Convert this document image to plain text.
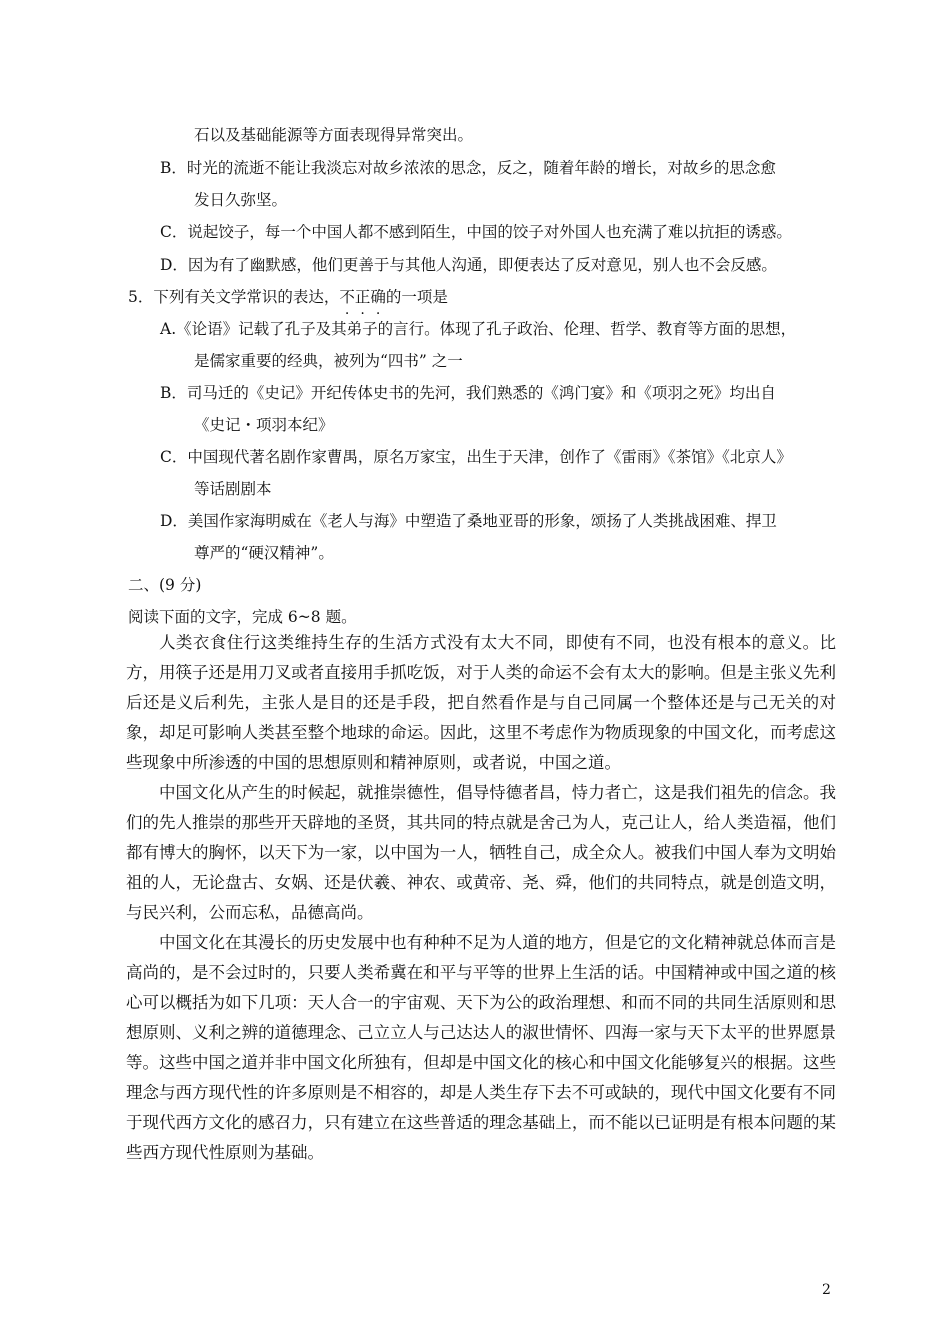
石以及基础能源等方面表现得异常突出。
B．时光的流逝不能让我淡忘对故乡浓浓的思念，反之，随着年龄的增长，对故乡的思念愈
发日久弥坚。
C．说起饺子，每一个中国人都不感到陌生，中国的饺子对外国人也充满了难以抗拒的诱惑。
D．因为有了幽默感，他们更善于与其他人沟通，即便表达了反对意见，别人也不会反感。
5．下列有关文学常识的表达，不正确的一项是
A.《论语》记载了孔子及其弟子的言行。体现了孔子政治、伦理、哲学、教育等方面的思想，
是儒家重要的经典，被列为“四书” 之一
B．司马迁的《史记》开纪传体史书的先河，我们熟悉的《鸿门宴》和《项羽之死》均出自
《史记・项羽本纪》
C．中国现代著名剧作家曹禺，原名万家宝，出生于天津，创作了《雷雨》《茶馆》《北京人》
等话剧剧本
D．美国作家海明威在《老人与海》中塑造了桑地亚哥的形象，颂扬了人类挑战困难、捍卫
尊严的“硬汉精神”。
二、(9 分)
阅读下面的文字，完成 6~8 题。

人类衣食住行这类维持生存的生活方式没有太大不同，即使有不同，也没有根本的意义。比方，用筷子还是用刀叉或者直接用手抓吃饭，对于人类的命运不会有太大的影响。但是主张义先利后还是义后利先，主张人是目的还是手段，把自然看作是与自己同属一个整体还是与己无关的对象，却足可影响人类甚至整个地球的命运。因此，这里不考虑作为物质现象的中国文化，而考虑这些现象中所渗透的中国的思想原则和精神原则，或者说，中国之道。

中国文化从产生的时候起，就推崇德性，倡导恃德者昌，恃力者亡，这是我们祖先的信念。我们的先人推崇的那些开天辟地的圣贤，其共同的特点就是舍己为人，克己让人，给人类造福，他们都有博大的胸怀，以天下为一家，以中国为一人，牺牲自己，成全众人。被我们中国人奉为文明始祖的人，无论盘古、女娲、还是伏羲、神农、或黄帝、尧、舜，他们的共同特点，就是创造文明，与民兴利，公而忘私，品德高尚。

中国文化在其漫长的历史发展中也有种种不足为人道的地方，但是它的文化精神就总体而言是高尚的，是不会过时的，只要人类希冀在和平与平等的世界上生活的话。中国精神或中国之道的核心可以概括为如下几项：天人合一的宇宙观、天下为公的政治理想、和而不同的共同生活原则和思想原则、义利之辨的道德理念、己立立人与己达达人的淑世情怀、四海一家与天下太平的世界愿景等。这些中国之道并非中国文化所独有，但却是中国文化的核心和中国文化能够复兴的根据。这些理念与西方现代性的许多原则是不相容的，却是人类生存下去不可或缺的，现代中国文化要有不同于现代西方文化的感召力，只有建立在这些普适的理念基础上，而不能以已证明是有根本问题的某些西方现代性原则为基础。

2
